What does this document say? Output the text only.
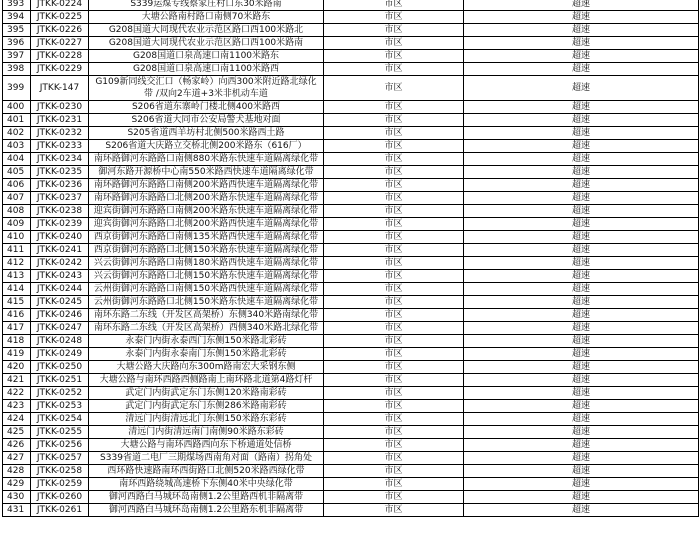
393	JTKK-0224	S339运煤专线蔡家庄村口东30米路南	市区	超速
394	JTKK-0225	大塘公路南村路口南侧70米路东	市区	超速
395	JTKK-0226	G208国道大同现代农业示范区路口西100米路北	市区	超速
396	JTKK-0227	G208国道大同现代农业示范区路口西100米路南	市区	超速
397	JTKK-0228	G208国道口泉高速口南1100米路东	市区	超速
398	JTKK-0229	G208国道口泉高速口南1100米路西	市区	超速
399	JTKK-147	G109新同线交汇口（畅家岭）向西300米附近路北绿化带 /双向2车道+3米非机动车道	市区	超速
400	JTKK-0230	S206省道东寨岭门楼北侧400米路西	市区	超速
401	JTKK-0231	S206省道大同市公安局警犬基地对面	市区	超速
402	JTKK-0232	S205省道西羊坊村北侧500米路西土路	市区	超速
403	JTKK-0233	S206省道大庆路立交桥北侧200米路东（616厂）	市区	超速
404	JTKK-0234	南环路御河东路路口南侧880米路东快速车道隔离绿化带	市区	超速
405	JTKK-0235	御河东路开源桥中心南550米路西快速车道隔离绿化带	市区	超速
406	JTKK-0236	南环路御河东路路口南侧200米路西快速车道隔离绿化带	市区	超速
407	JTKK-0237	南环路御河东路路口北侧200米路东快速车道隔离绿化带	市区	超速
408	JTKK-0238	迎宾街御河东路路口南侧200米路东快速车道隔离绿化带	市区	超速
409	JTKK-0239	迎宾街御河东路路口北侧200米路西快速车道隔离绿化带	市区	超速
410	JTKK-0240	西京街御河东路路口南侧135米路西快速车道隔离绿化带	市区	超速
411	JTKK-0241	西京街御河东路路口北侧150米路东快速车道隔离绿化带	市区	超速
412	JTKK-0242	兴云街御河东路路口南侧180米路西快速车道隔离绿化带	市区	超速
413	JTKK-0243	兴云街御河东路路口北侧150米路东快速车道隔离绿化带	市区	超速
414	JTKK-0244	云州街御河东路路口南侧150米路西快速车道隔离绿化带	市区	超速
415	JTKK-0245	云州街御河东路路口北侧150米路东快速车道隔离绿化带	市区	超速
416	JTKK-0246	南环东路二东线（开发区高架桥）东侧340米路南绿化带	市区	超速
417	JTKK-0247	南环东路二东线（开发区高架桥）西侧340米路北绿化带	市区	超速
418	JTKK-0248	永泰门内街永泰西门东侧150米路北彩砖	市区	超速
419	JTKK-0249	永泰门内街永泰南门东侧150米路北彩砖	市区	超速
420	JTKK-0250	大塘公路大庆路向东300m路南宏大采钢东侧	市区	超速
421	JTKK-0251	大塘公路与南环西路西侧路南上南环路北道第4路灯杆	市区	超速
422	JTKK-0252	武定门内街武定东门东侧120米路南彩砖	市区	超速
423	JTKK-0253	武定门内街武定东门东侧286米路南彩砖	市区	超速
424	JTKK-0254	清远门内街清远北门东侧150米路东彩砖	市区	超速
425	JTKK-0255	清远门内街清远南门南侧90米路东彩砖	市区	超速
426	JTKK-0256	大塘公路与南环西路西向东下桥通道处信桥	市区	超速
427	JTKK-0257	S339省道二电厂三期煤场西南角对面（路南）拐角处	市区	超速
428	JTKK-0258	西环路快速路南环西街路口北侧520米路西绿化带	市区	超速
429	JTKK-0259	南环西路绕城高速桥下东侧40米中央绿化带	市区	超速
430	JTKK-0260	御河西路白马城环岛南侧1.2公里路西机非隔离带	市区	超速
431	JTKK-0261	御河西路白马城环岛南侧1.2公里路东机非隔离带	市区	超速
